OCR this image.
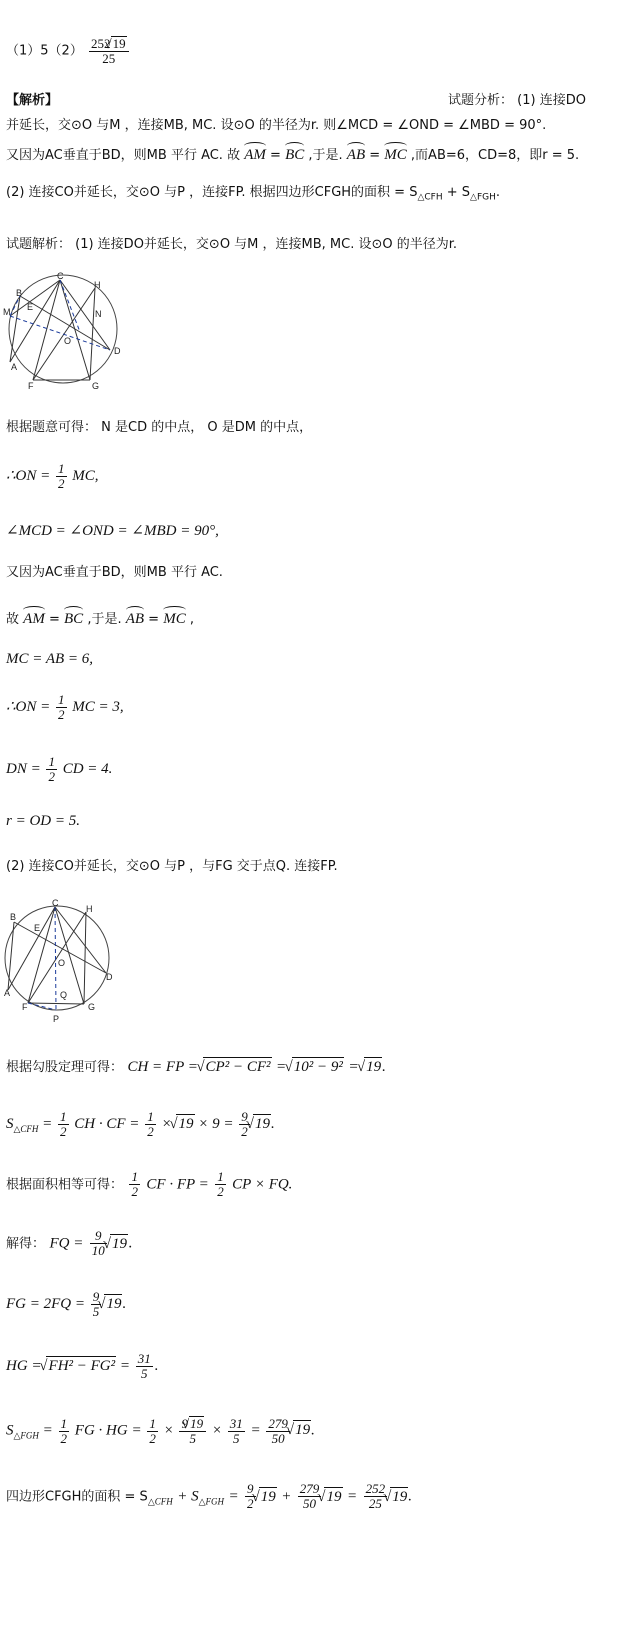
$(1)5(2) \frac{252 √ 19}{25}$
【解析】	试题分析： (1) 连接DO
并延长，交⊙O 与M ，连接MB, MC. 设⊙O 的半径为r. 则∠MCD = ∠OND = ∠MBD = 90°.
又因为AC垂直于BD，则MB 平行 AC. 故 AM = BC ,于是. AB = MC ,而AB=6，CD=8，即r = 5.
(2) 连接CO并延长，交⊙O 与P ，连接FP. 根据四边形CFGH的面积 = $S_{\triangle CFH} + S_{\triangle FGH}$.
试题解析： (1) 连接DO并延长，交⊙O 与M ，连接MB, MC. 设⊙O 的半径为r.
C
H
B
E
M	N
O
D
A
F	G
根据题意可得： N 是CD 的中点， O 是DM 的中点，
∴ON = $\frac{1}{2}$ MC,
∠MCD = ∠OND = ∠MBD = 90°,
又因为AC垂直于BD，则MB 平行 AC.
故 AM = BC ,于是. AB = MC ,
MC = AB = 6,
∴ON = $\frac{1}{2}$ MC = 3,
DN = $\frac{1}{2}$ CD = 4.
r = OD = 5.
(2) 连接CO并延长，交⊙O 与P ，与FG 交于点Q. 连接FP.
C
H
B
E
O
D
A	Q
F	G
P
根据勾股定理可得： CH = FP = √ CP² − CF² = √ 10² − 9² = √ 19.
$S_{\triangle CFH} = \frac{1}{2}$ CH · CF = $\frac{1}{2}$ × √ $19 \times 9 = \frac{9}{2}$ √ 19.
根据面积相等可得： $\frac{1}{2}$ CF · FP = $\frac{1}{2}$ CP × FQ.
解得： FQ = $\frac{9}{10}$ √ 19.
FG = $2FQ = \frac{9}{5}$ √ 19.
HG = √ $FH^2 - FG^2 = \frac{31}{5}$ .
$S_{\triangle FGH} = \frac{1}{2}$ FG · HG = $\frac{1}{2} \times \frac{9 √ 19}{5} \times \frac{31}{5} = \frac{279}{50}$ √ 19.
四边形CFGH的面积 = $S_{\triangle CFH} + S_{\triangle FGH} = \frac{9}{2}$ √ $19 + \frac{279}{50}$ √ $19 = \frac{252}{25}$ √ 19.
